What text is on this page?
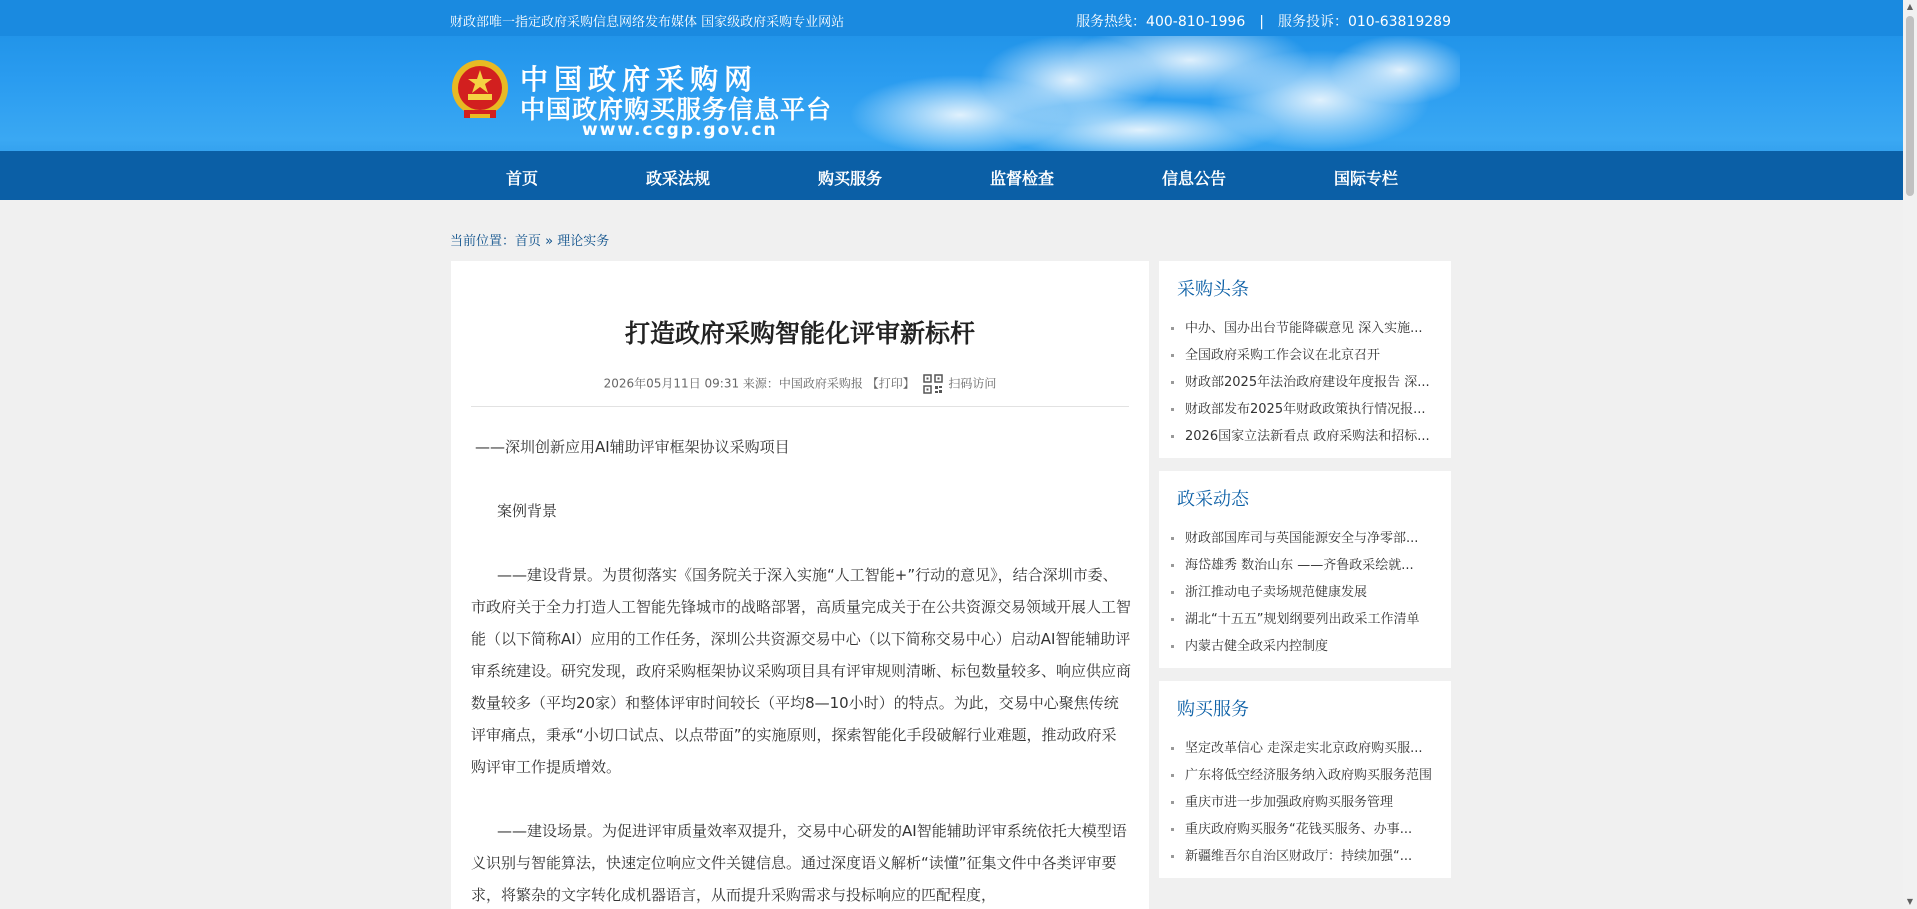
财政部唯一指定政府采购信息网络发布媒体 国家级政府采购专业网站	服务热线：400-810-1996 | 服务投诉：010-63819289
中国政府采购网
中国政府购买服务信息平台
www.ccgp.gov.cn
首页	政采法规	购买服务	监督检查	信息公告	国际专栏
当前位置：首页 » 理论实务
打造政府采购智能化评审新标杆
2026年05月11日 09:31 来源：中国政府采购报 【打印】	扫码访问

——深圳创新应用AI辅助评审框架协议采购项目

案例背景

——建设背景。为贯彻落实《国务院关于深入实施“人工智能+”行动的意见》，结合深圳市委、市政府关于全力打造人工智能先锋城市的战略部署，高质量完成关于在公共资源交易领域开展人工智能（以下简称AI）应用的工作任务，深圳公共资源交易中心（以下简称交易中心）启动AI智能辅助评审系统建设。研究发现，政府采购框架协议采购项目具有评审规则清晰、标包数量较多、响应供应商数量较多（平均20家）和整体评审时间较长（平均8—10小时）的特点。为此，交易中心聚焦传统评审痛点，秉承“小切口试点、以点带面”的实施原则，探索智能化手段破解行业难题，推动政府采购评审工作提质增效。

——建设场景。为促进评审质量效率双提升，交易中心研发的AI智能辅助评审系统依托大模型语义识别与智能算法，快速定位响应文件关键信息。通过深度语义解析“读懂”征集文件中各类评审要求，将繁杂的文字转化成机器语言，从而提升采购需求与投标响应的匹配程度，

采购头条
中办、国办出台节能降碳意见 深入实施...
全国政府采购工作会议在北京召开
财政部2025年法治政府建设年度报告 深...
财政部发布2025年财政政策执行情况报...
2026国家立法新看点 政府采购法和招标...
政采动态
财政部国库司与英国能源安全与净零部...
海岱雄秀 数治山东 ——齐鲁政采绘就...
浙江推动电子卖场规范健康发展
湖北“十五五”规划纲要列出政采工作清单
内蒙古健全政采内控制度
购买服务
坚定改革信心 走深走实北京政府购买服...
广东将低空经济服务纳入政府购买服务范围
重庆市进一步加强政府购买服务管理
重庆政府购买服务“花钱买服务、办事...
新疆维吾尔自治区财政厅：持续加强“...
▲
▼
